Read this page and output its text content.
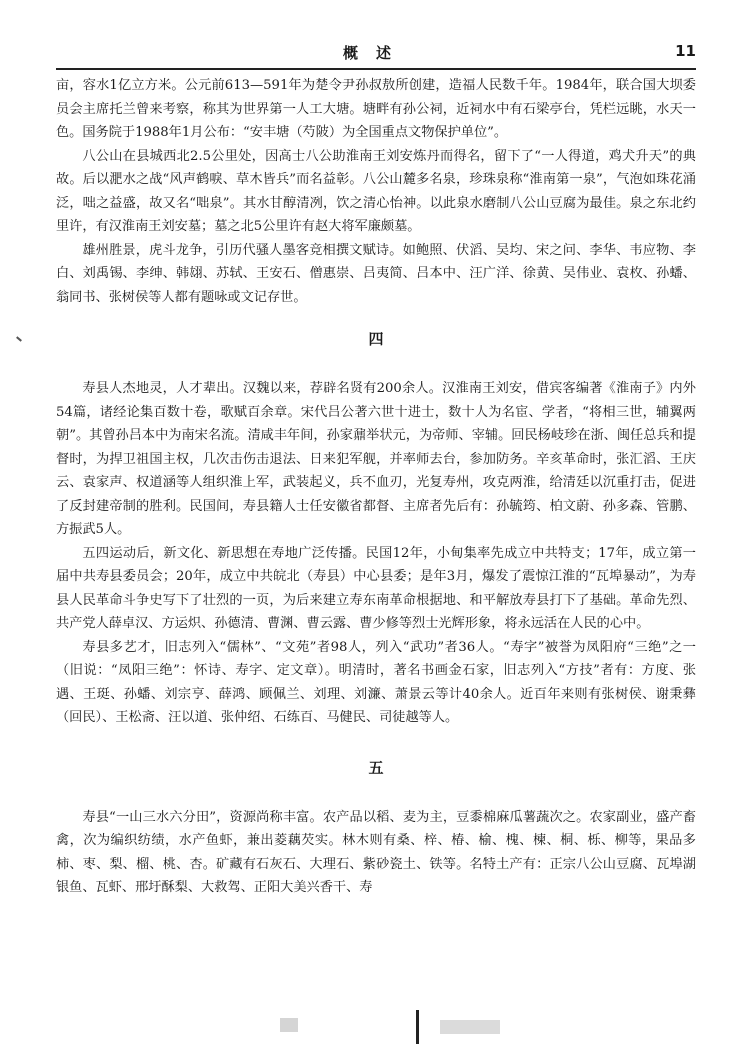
概述	11

亩，容水1亿立方米。公元前613—591年为楚令尹孙叔敖所创建，造福人民数千年。1984年，联合国大坝委员会主席托兰曾来考察，称其为世界第一人工大塘。塘畔有孙公祠，近祠水中有石梁亭台，凭栏远眺，水天一色。国务院于1988年1月公布：“安丰塘（芍陂）为全国重点文物保护单位”。

八公山在县城西北2.5公里处，因高士八公助淮南王刘安炼丹而得名，留下了“一人得道，鸡犬升天”的典故。后以淝水之战“风声鹤唳、草木皆兵”而名益彰。八公山麓多名泉，珍珠泉称“淮南第一泉”，气泡如珠花涌泛，咄之益盛，故又名“咄泉”。其水甘醇清冽，饮之清心怡神。以此泉水磨制八公山豆腐为最佳。泉之东北约里许，有汉淮南王刘安墓；墓之北5公里许有赵大将军廉颇墓。

雄州胜景，虎斗龙争，引历代骚人墨客竞相撰文赋诗。如鲍照、伏滔、吴均、宋之问、李华、韦应物、李白、刘禹锡、李绅、韩翃、苏轼、王安石、僧惠崇、吕夷简、吕本中、汪广洋、徐黄、吴伟业、袁枚、孙蟠、翁同书、张树侯等人都有题咏或文记存世。

四

寿县人杰地灵，人才辈出。汉魏以来，荐辟名贤有200余人。汉淮南王刘安，借宾客编著《淮南子》内外54篇，诸经论集百数十卷，歌赋百余章。宋代吕公著六世十进士，数十人为名宦、学者，“将相三世，辅翼两朝”。其曾孙吕本中为南宋名流。清咸丰年间，孙家鼐举状元，为帝师、宰辅。回民杨岐珍在浙、闽任总兵和提督时，为捍卫祖国主权，几次击伤击退法、日来犯军舰，并率师去台，参加防务。辛亥革命时，张汇滔、王庆云、袁家声、权道涵等人组织淮上军，武装起义，兵不血刃，光复寿州，攻克两淮，给清廷以沉重打击，促进了反封建帝制的胜利。民国间，寿县籍人士任安徽省都督、主席者先后有：孙毓筠、柏文蔚、孙多森、管鹏、方振武5人。

五四运动后，新文化、新思想在寿地广泛传播。民国12年，小甸集率先成立中共特支；17年，成立第一届中共寿县委员会；20年，成立中共皖北（寿县）中心县委；是年3月，爆发了震惊江淮的“瓦埠暴动”，为寿县人民革命斗争史写下了壮烈的一页，为后来建立寿东南革命根据地、和平解放寿县打下了基础。革命先烈、共产党人薛卓汉、方运炽、孙德清、曹渊、曹云露、曹少修等烈士光辉形象，将永远活在人民的心中。

寿县多艺才，旧志列入“儒林”、“文苑”者98人，列入“武功”者36人。“寿字”被誉为凤阳府“三绝”之一（旧说：“凤阳三绝”：怀诗、寿字、定文章）。明清时，著名书画金石家，旧志列入“方技”者有：方度、张遇、王珽、孙蟠、刘宗亨、薛鸿、顾佩兰、刘理、刘濂、萧景云等计40余人。近百年来则有张树侯、谢秉彝（回民）、王松斋、汪以道、张仲绍、石练百、马健民、司徒越等人。

五

寿县“一山三水六分田”，资源尚称丰富。农产品以稻、麦为主，豆黍棉麻瓜薯蔬次之。农家副业，盛产畜禽，次为编织纺绩，水产鱼虾，兼出菱藕芡实。林木则有桑、梓、椿、榆、槐、楝、桐、栎、柳等，果品多柿、枣、梨、榴、桃、杏。矿藏有石灰石、大理石、紫砂瓷土、铁等。名特土产有：正宗八公山豆腐、瓦埠湖银鱼、瓦虾、邢圩酥梨、大救驾、正阳大美兴香干、寿
